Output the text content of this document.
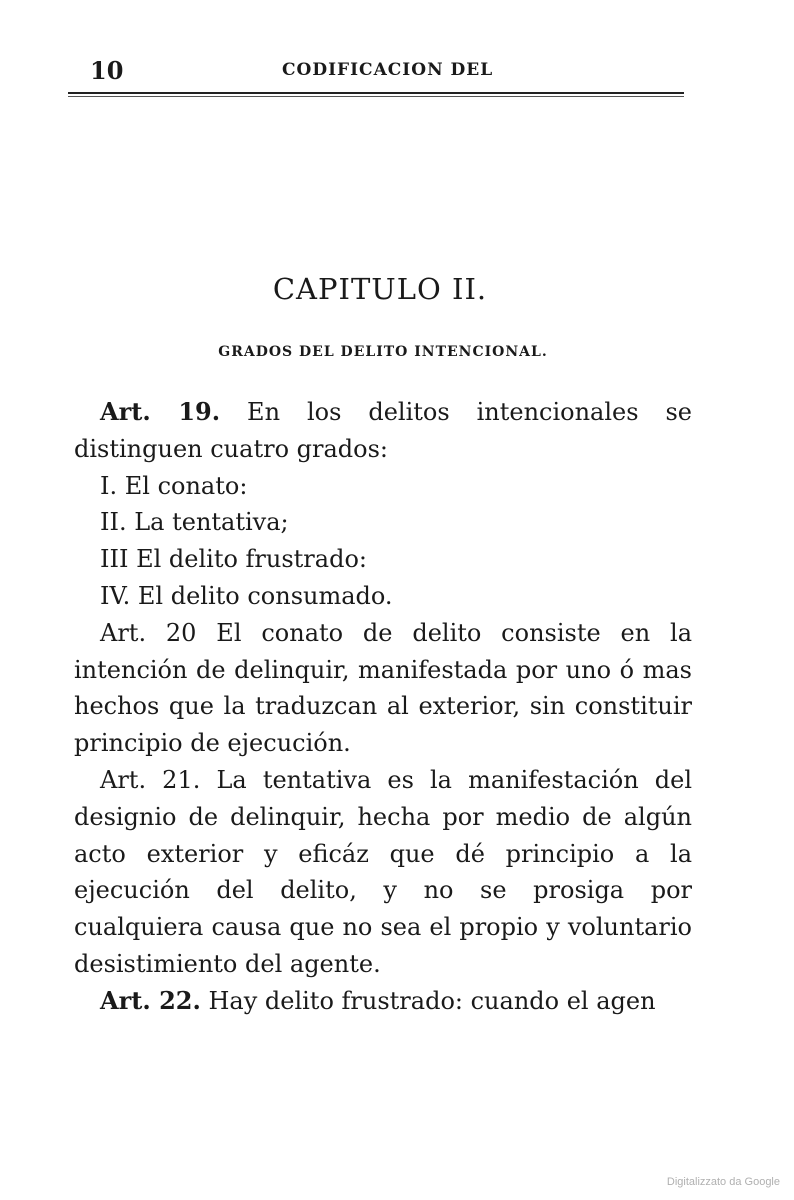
10	CODIFICACION DEL
CAPITULO II.
GRADOS DEL DELITO INTENCIONAL.

Art. 19. En los delitos intencionales se distinguen cuatro grados:

I. El conato:

II. La tentativa;

III El delito frustrado:

IV. El delito consumado.

Art. 20 El conato de delito consiste en la intención de delinquir, manifestada por uno ó mas hechos que la traduzcan al exterior, sin constituir principio de ejecución.

Art. 21. La tentativa es la manifestación del designio de delinquir, hecha por medio de algún acto exterior y eficáz que dé principio a la ejecución del delito, y no se prosiga por cualquiera causa que no sea el propio y voluntario desistimiento del agente.

Art. 22. Hay delito frustrado: cuando el agen

Digitalizzato da Google
